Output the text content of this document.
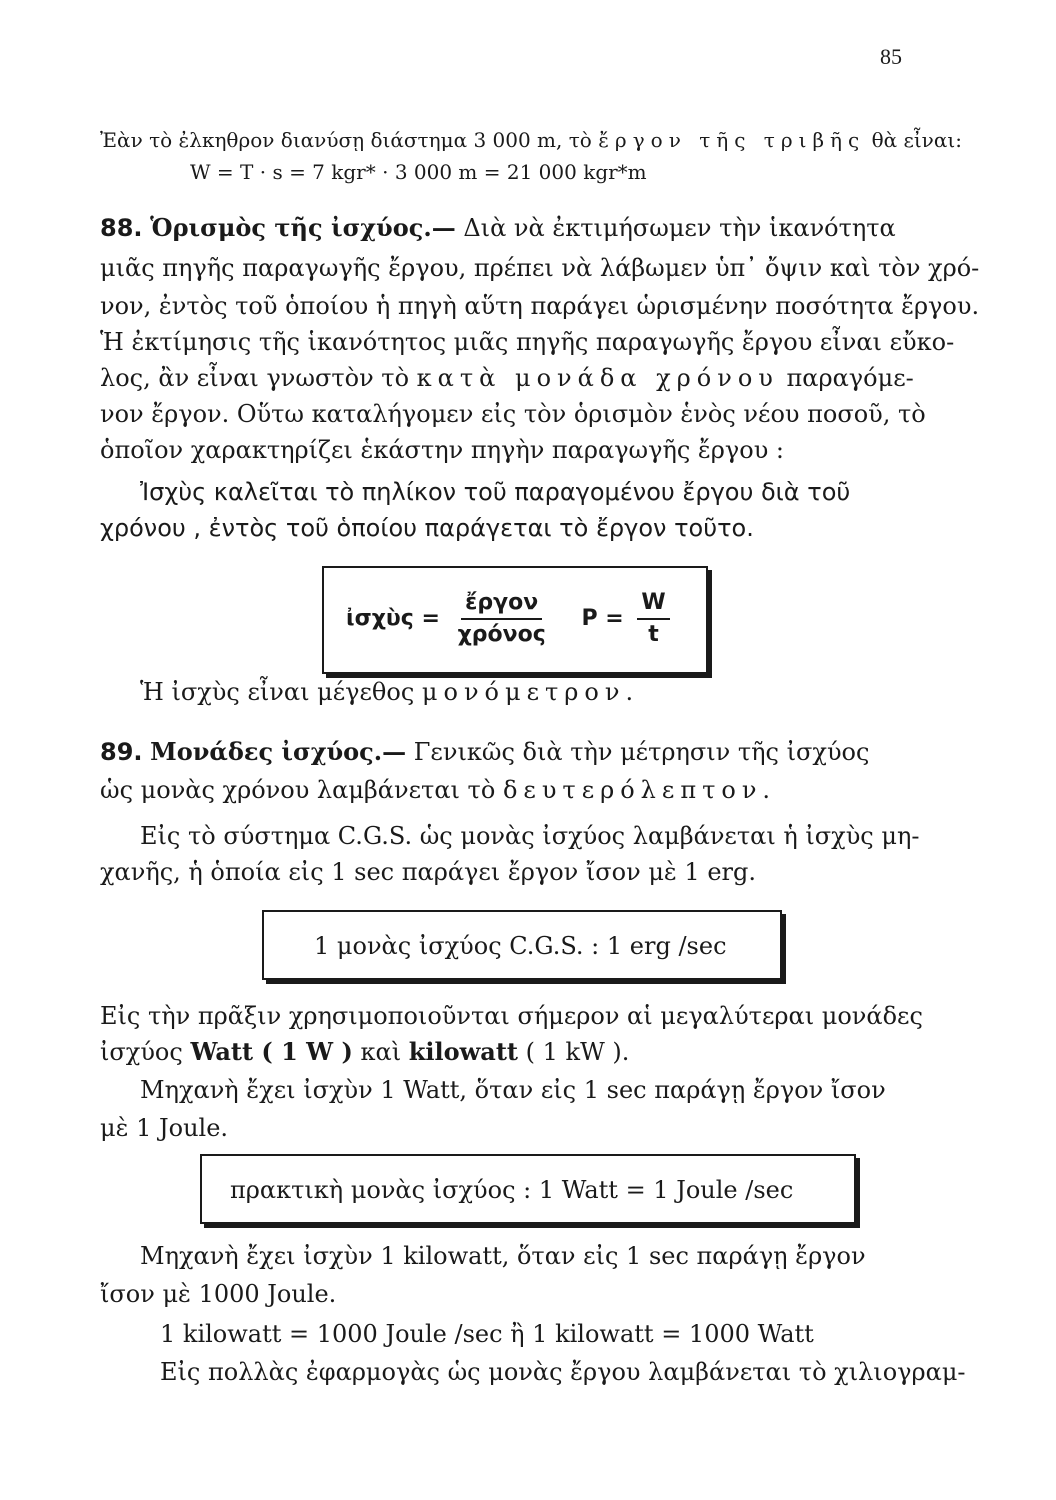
85
Ἐὰν τὸ ἐλκηθρον διανύσῃ διάστημα 3 000 m, τὸ ἔργον τῆς τριβῆς θὰ εἶναι:
W = T · s = 7 kgr* · 3 000 m = 21 000 kgr*m
88. Ὁρισμὸς τῆς ἰσχύος.— Διὰ νὰ ἐκτιμήσωμεν τὴν ἱκανότητα
μιᾶς πηγῆς παραγωγῆς ἔργου, πρέπει νὰ λάβωμεν ὑπ᾽ ὄψιν καὶ τὸν χρό-
νον, ἐντὸς τοῦ ὁποίου ἡ πηγὴ αὕτη παράγει ὡρισμένην ποσότητα ἔργου.
Ἡ ἐκτίμησις τῆς ἱκανότητος μιᾶς πηγῆς παραγωγῆς ἔργου εἶναι εὔκο-
λος, ἂν εἶναι γνωστὸν τὸ κατὰ μονάδα χρόνου παραγόμε-
νον ἔργον. Οὕτω καταλήγομεν εἰς τὸν ὁρισμὸν ἑνὸς νέου ποσοῦ, τὸ
ὁποῖον χαρακτηρίζει ἑκάστην πηγὴν παραγωγῆς ἔργου :
Ἰσχὺς καλεῖται τὸ πηλίκον τοῦ παραγομένου ἔργου διὰ τοῦ
χρόνου , ἐντὸς τοῦ ὁποίου παράγεται τὸ ἔργον τοῦτο.
ἰσχὺς = $\frac{\text{ἔργον}}{\text{χρόνος}}$ $P = \frac{W}{t}$
Ἡ ἰσχὺς εἶναι μέγεθος μονόμετρον.
89. Μονάδες ἰσχύος.— Γενικῶς διὰ τὴν μέτρησιν τῆς ἰσχύος
ὡς μονὰς χρόνου λαμβάνεται τὸ δευτερόλεπτον.
Εἰς τὸ σύστημα C.G.S. ὡς μονὰς ἰσχύος λαμβάνεται ἡ ἰσχὺς μη-
χανῆς, ἡ ὁποία εἰς 1 sec παράγει ἔργον ἴσον μὲ 1 erg.
1 μονὰς ἰσχύος C.G.S. : 1 erg /sec
Εἰς τὴν πρᾶξιν χρησιμοποιοῦνται σήμερον αἱ μεγαλύτεραι μονάδες
ἰσχύος Watt ( 1 W ) καὶ kilowatt ( 1 kW ).
Μηχανὴ ἔχει ἰσχὺν 1 Watt, ὅταν εἰς 1 sec παράγῃ ἔργον ἴσον
μὲ 1 Joule.
πρακτικὴ μονὰς ἰσχύος : 1 Watt = 1 Joule /sec
Μηχανὴ ἔχει ἰσχὺν 1 kilowatt, ὅταν εἰς 1 sec παράγῃ ἔργον
ἴσον μὲ 1000 Joule.
1 kilowatt = 1000 Joule /sec ἢ 1 kilowatt = 1000 Watt
Εἰς πολλὰς ἐφαρμογὰς ὡς μονὰς ἔργου λαμβάνεται τὸ χιλιογραμ-
